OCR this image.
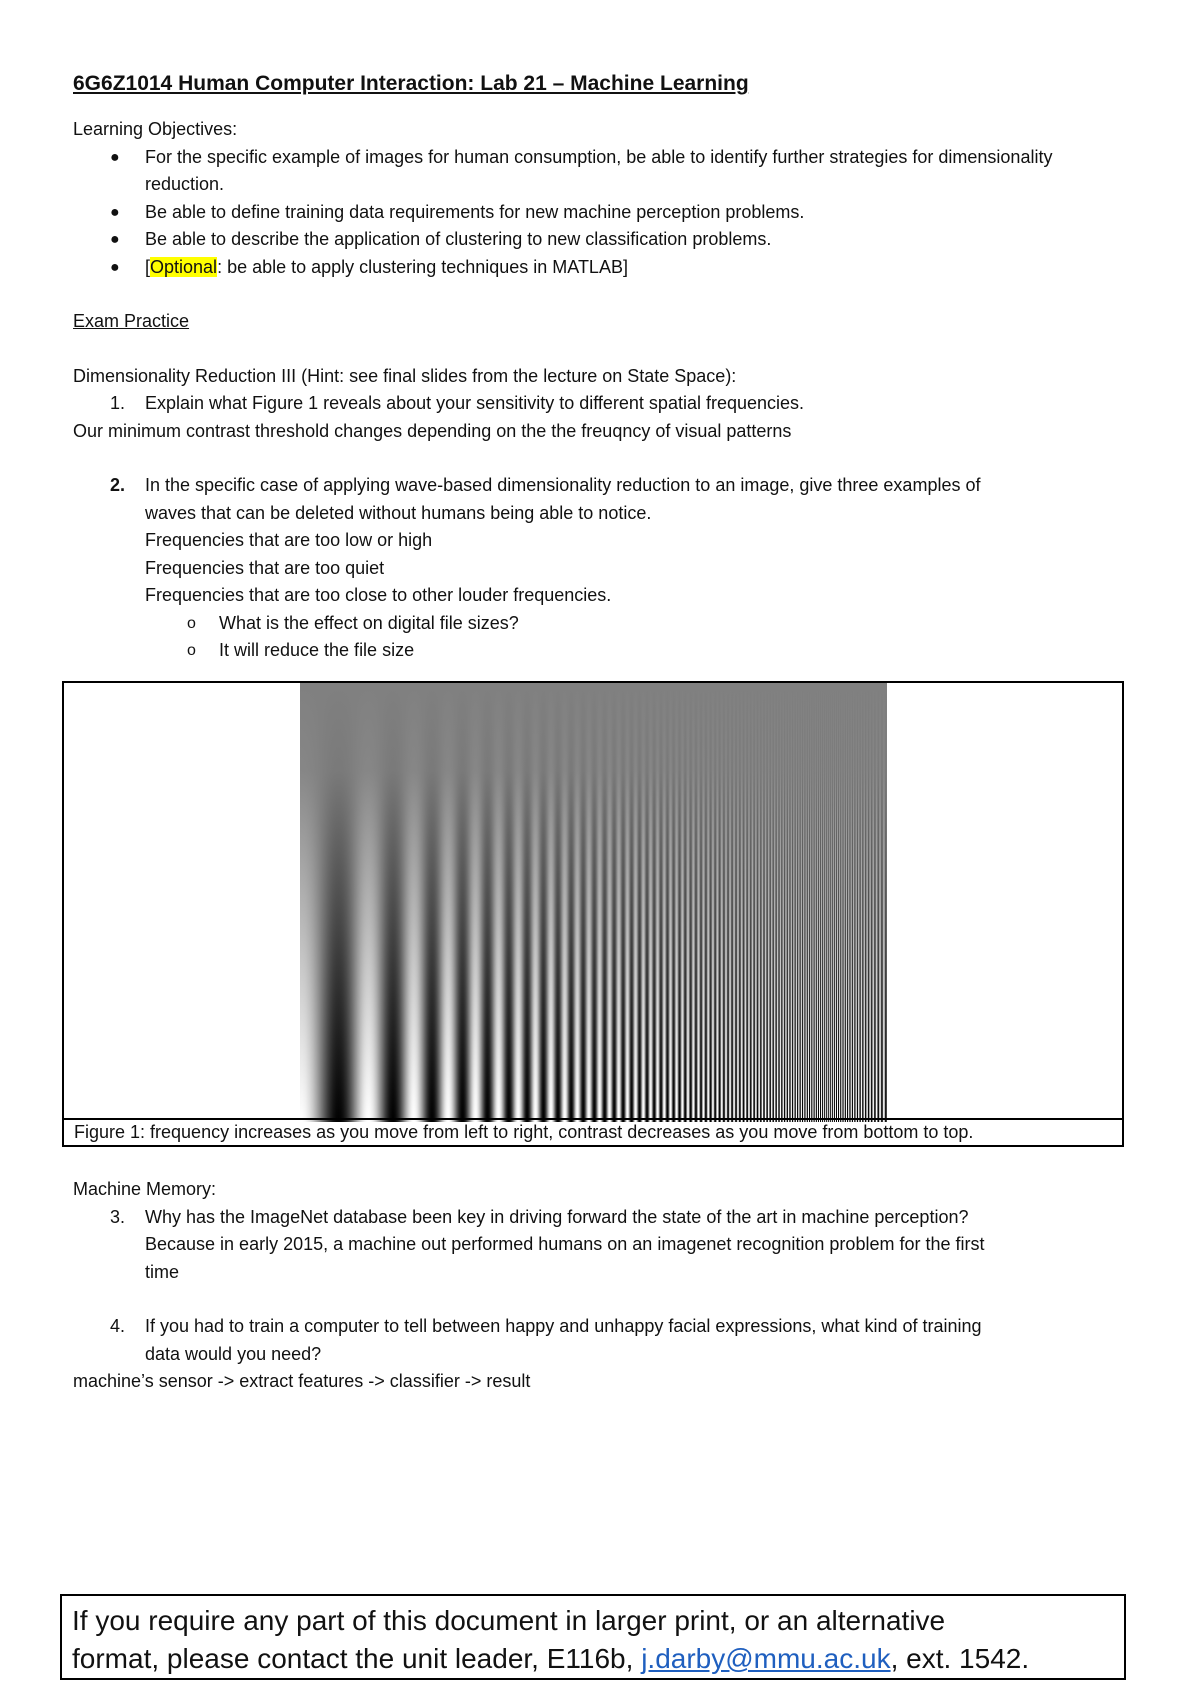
6G6Z1014 Human Computer Interaction: Lab 21 – Machine Learning

Learning Objectives:

● For the specific example of images for human consumption, be able to identify further strategies for dimensionality reduction.
● Be able to define training data requirements for new machine perception problems.
● Be able to describe the application of clustering to new classification problems.
● [Optional: be able to apply clustering techniques in MATLAB]

Exam Practice

Dimensionality Reduction III (Hint: see final slides from the lecture on State Space):

1. Explain what Figure 1 reveals about your sensitivity to different spatial frequencies.

Our minimum contrast threshold changes depending on the the freuqncy of visual patterns

2. In the specific case of applying wave-based dimensionality reduction to an image, give three examples of

waves that can be deleted without humans being able to notice.

Frequencies that are too low or high

Frequencies that are too quiet

Frequencies that are too close to other louder frequencies.

o What is the effect on digital file sizes?
o It will reduce the file size
Figure 1: frequency increases as you move from left to right, contrast decreases as you move from bottom to top.

Machine Memory:

3. Why has the ImageNet database been key in driving forward the state of the art in machine perception?

Because in early 2015, a machine out performed humans on an imagenet recognition problem for the first

time

4. If you had to train a computer to tell between happy and unhappy facial expressions, what kind of training

data would you need?

machine’s sensor -> extract features -> classifier -> result

If you require any part of this document in larger print, or an alternative
format, please contact the unit leader, E116b, j.darby@mmu.ac.uk, ext. 1542.
